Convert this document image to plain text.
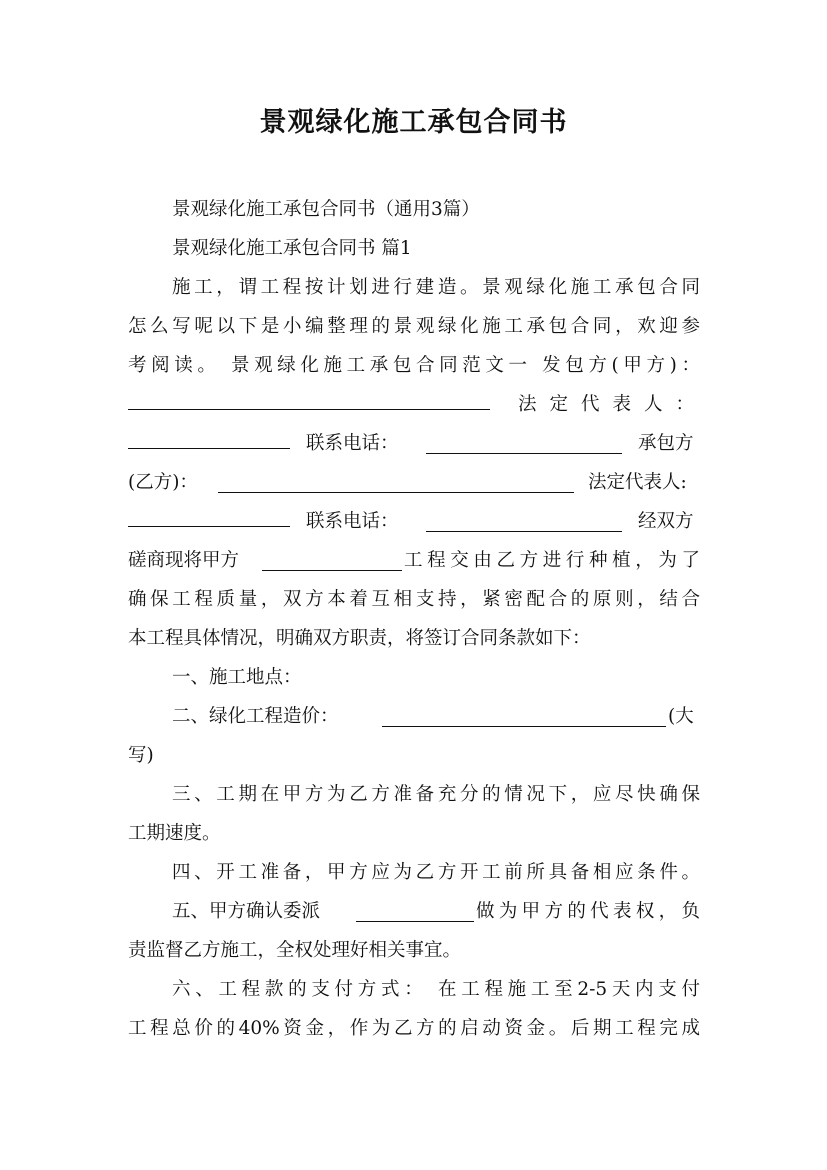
景观绿化施工承包合同书
景观绿化施工承包合同书（通用3篇）
景观绿化施工承包合同书 篇1
施工，谓工程按计划进行建造。景观绿化施工承包合同
怎么写呢以下是小编整理的景观绿化施工承包合同，欢迎参
考阅读。 景观绿化施工承包合同范文一 发包方(甲方)：
法定代表人：
联系电话：	承包方
(乙方)：	法定代表人:
联系电话：	经双方
磋商现将甲方	工程交由乙方进行种植，为了
确保工程质量，双方本着互相支持，紧密配合的原则，结合
本工程具体情况，明确双方职责，将签订合同条款如下：
一、施工地点：
二、绿化工程造价：	(大
写)
三、工期在甲方为乙方准备充分的情况下，应尽快确保
工期速度。
四、开工准备，甲方应为乙方开工前所具备相应条件。
五、甲方确认委派	做为甲方的代表权，负
责监督乙方施工，全权处理好相关事宜。
六、工程款的支付方式： 在工程施工至2-5天内支付
工程总价的40%资金，作为乙方的启动资金。后期工程完成
